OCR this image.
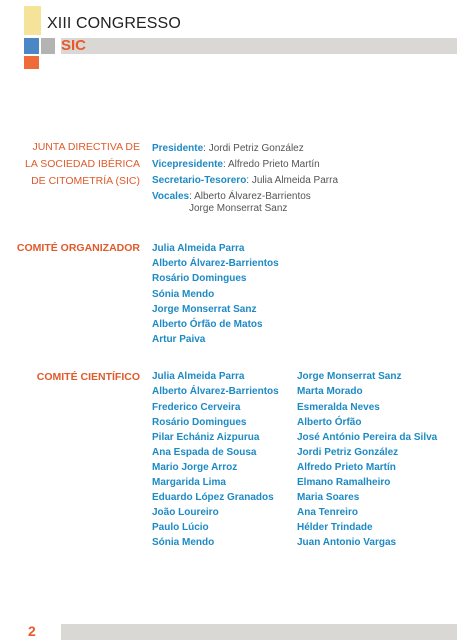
XIII CONGRESSO
SIC
2
JUNTA DIRECTIVA DE
LA SOCIEDAD IBÉRICA
DE CITOMETRÍA (SIC)
Presidente: Jordi Petriz González
Vicepresidente: Alfredo Prieto Martín
Secretario-Tesorero: Julia Almeida Parra
Vocales: Alberto Álvarez-Barrientos
Jorge Monserrat Sanz
COMITÉ ORGANIZADOR Julia Almeida Parra
Alberto Álvarez-Barrientos
Rosário Domingues
Sónia Mendo
Jorge Monserrat Sanz
Alberto Órfão de Matos
Artur Paiva
COMITÉ CIENTÍFICO Julia Almeida Parra
Alberto Álvarez-Barrientos
Frederico Cerveira
Rosário Domingues
Pilar Echániz Aizpurua
Ana Espada de Sousa
Mario Jorge Arroz
Margarida Lima
Eduardo López Granados
João Loureiro
Paulo Lúcio
Sónia Mendo
Jorge Monserrat Sanz
Marta Morado
Esmeralda Neves
Alberto Órfão
José António Pereira da Silva
Jordi Petriz González
Alfredo Prieto Martín
Elmano Ramalheiro
Maria Soares
Ana Tenreiro
Hélder Trindade
Juan Antonio Vargas
